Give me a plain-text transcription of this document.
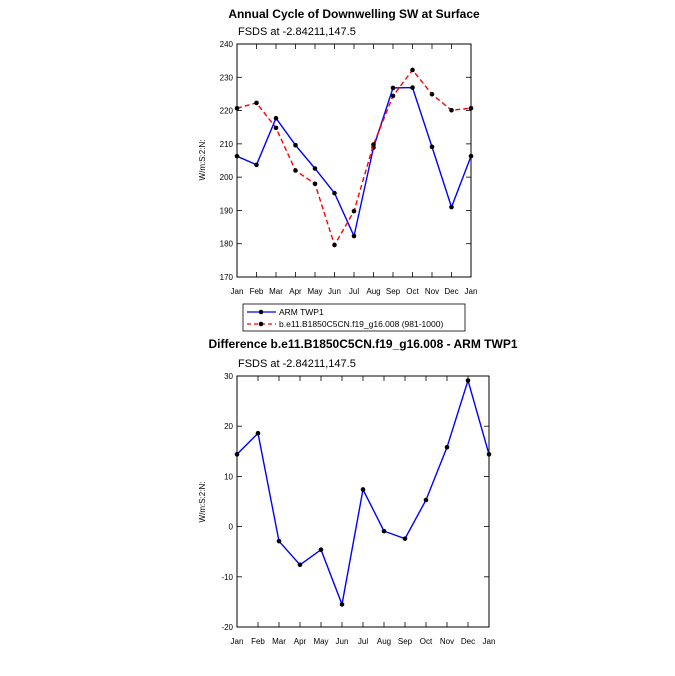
Annual Cycle of Downwelling SW at Surface
FSDS at -2.84211,147.5
W/m:S:2:N:
170
180
190
200
210
220
230
240
Jan Feb Mar Apr May Jun Jul Aug Sep Oct Nov Dec Jan
ARM TWP1
b.e11.B1850C5CN.f19_g16.008 (981-1000)
Difference b.e11.B1850C5CN.f19_g16.008 - ARM TWP1
FSDS at -2.84211,147.5
W/m:S:2:N:
-20
-10
0
10
20
30
Jan Feb Mar Apr May Jun Jul Aug Sep Oct Nov Dec Jan
